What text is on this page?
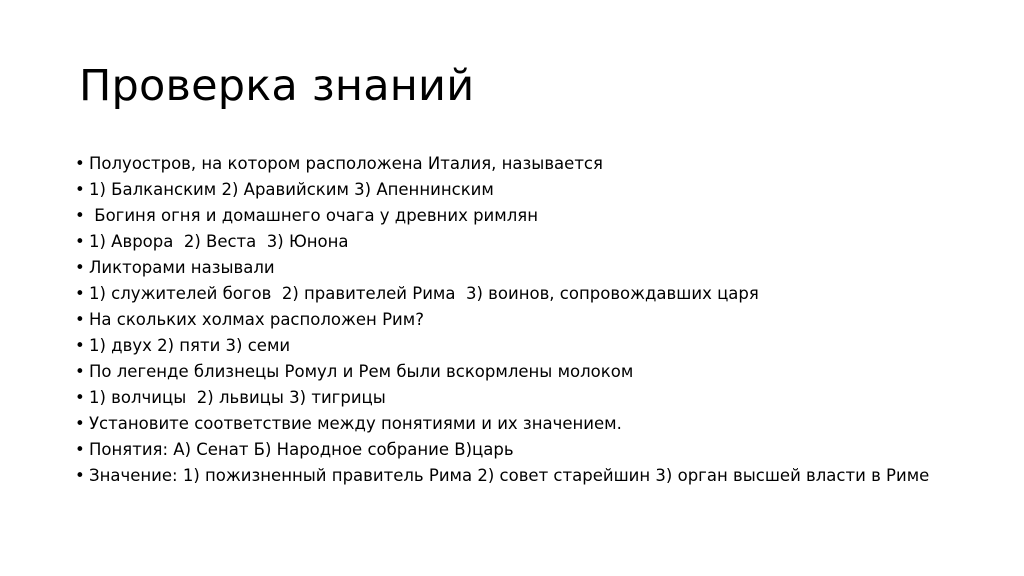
Проверка знаний
• Полуостров, на котором расположена Италия, называется
• 1) Балканским 2) Аравийским 3) Апеннинским
•  Богиня огня и домашнего очага у древних римлян
• 1) Аврора  2) Веста  3) Юнона
• Ликторами называли
• 1) служителей богов  2) правителей Рима  3) воинов, сопровождавших царя
• На скольких холмах расположен Рим?
• 1) двух 2) пяти 3) семи
• По легенде близнецы Ромул и Рем были вскормлены молоком
• 1) волчицы  2) львицы 3) тигрицы
• Установите соответствие между понятиями и их значением.
• Понятия: А) Сенат Б) Народное собрание В)царь
• Значение: 1) пожизненный правитель Рима 2) совет старейшин 3) орган высшей власти в Риме
